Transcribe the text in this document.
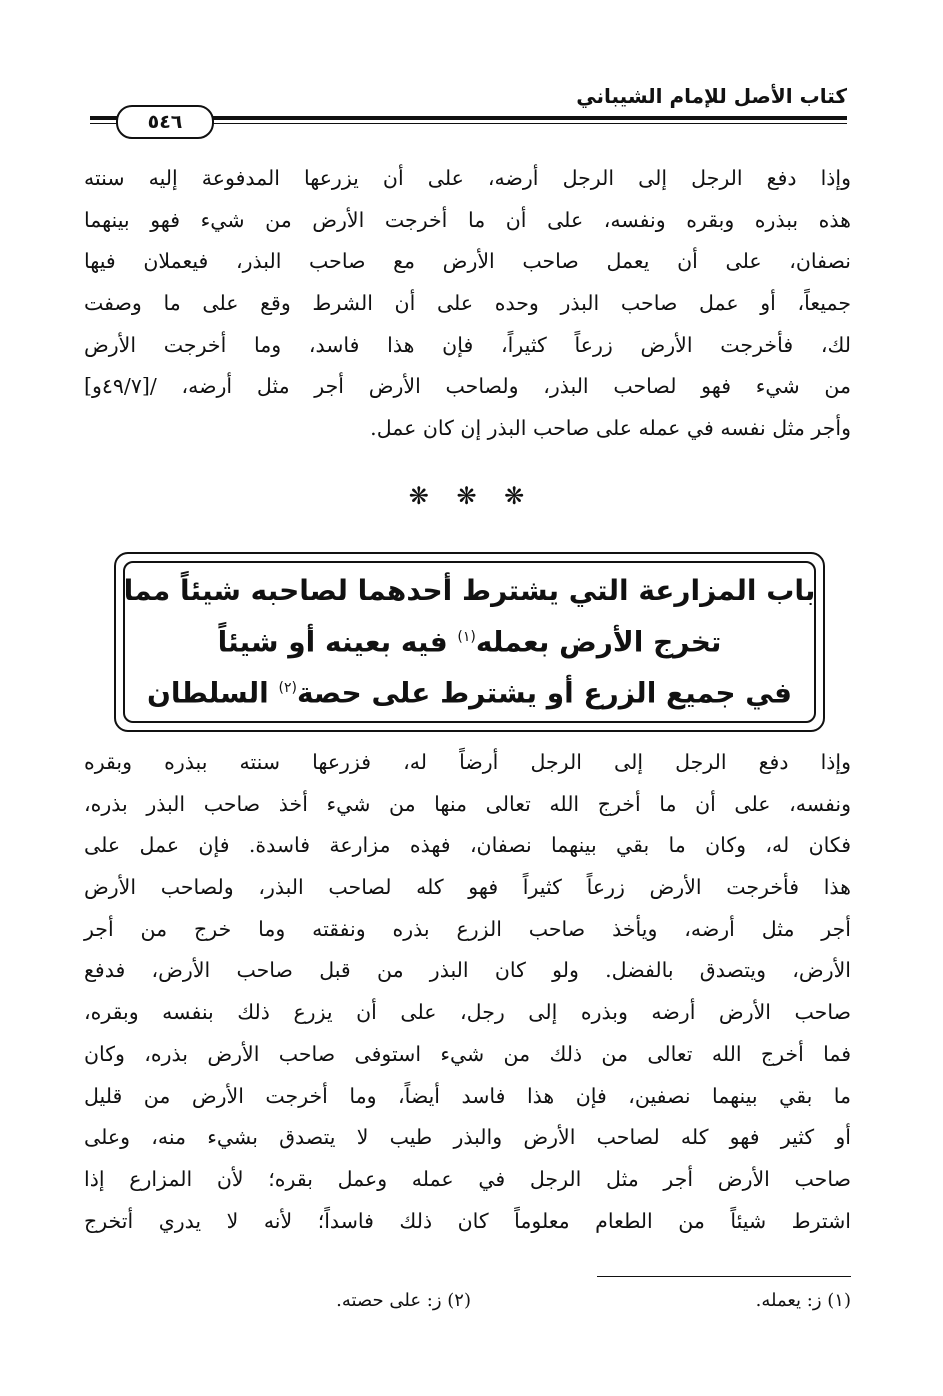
كتاب الأصل للإمام الشيباني
٥٤٦
وإذا دفع الرجل إلى الرجل أرضه، على أن يزرعها المدفوعة إليه سنته
هذه ببذره وبقره ونفسه، على أن ما أخرجت الأرض من شيء فهو بينهما
نصفان، على أن يعمل صاحب الأرض مع صاحب البذر، فيعملان فيها
جميعاً، أو عمل صاحب البذر وحده على أن الشرط وقع على ما وصفت
لك، فأخرجت الأرض زرعاً كثيراً، فإن هذا فاسد، وما أخرجت الأرض
من شيء فهو لصاحب البذر، ولصاحب الأرض أجر مثل أرضه، /[٤٩/٧و]
وأجر مثل نفسه في عمله على صاحب البذر إن كان عمل.
❋ ❋ ❋
باب المزارعة التي يشترط أحدهما لصاحبه شيئاً مما
تخرج الأرض بعمله$^{(١)}$ فيه بعينه أو شيئاً
في جميع الزرع أو يشترط على حصة$^{(٢)}$ السلطان
وإذا دفع الرجل إلى الرجل أرضاً له، فزرعها سنته ببذره وبقره
ونفسه، على أن ما أخرج الله تعالى منها من شيء أخذ صاحب البذر بذره،
فكان له، وكان ما بقي بينهما نصفان، فهذه مزارعة فاسدة. فإن عمل على
هذا فأخرجت الأرض زرعاً كثيراً فهو كله لصاحب البذر، ولصاحب الأرض
أجر مثل أرضه، ويأخذ صاحب الزرع بذره ونفقته وما خرج من أجر
الأرض، ويتصدق بالفضل. ولو كان البذر من قبل صاحب الأرض، فدفع
صاحب الأرض أرضه وبذره إلى رجل، على أن يزرع ذلك بنفسه وبقره،
فما أخرج الله تعالى من ذلك من شيء استوفى صاحب الأرض بذره، وكان
ما بقي بينهما نصفين، فإن هذا فاسد أيضاً، وما أخرجت الأرض من قليل
أو كثير فهو كله لصاحب الأرض والبذر طيب لا يتصدق بشيء منه، وعلى
صاحب الأرض أجر مثل الرجل في عمله وعمل بقره؛ لأن المزارع إذا
اشترط شيئاً من الطعام معلوماً كان ذلك فاسداً؛ لأنه لا يدري أتخرج
(١) ز: يعمله.
(٢) ز: على حصته.
